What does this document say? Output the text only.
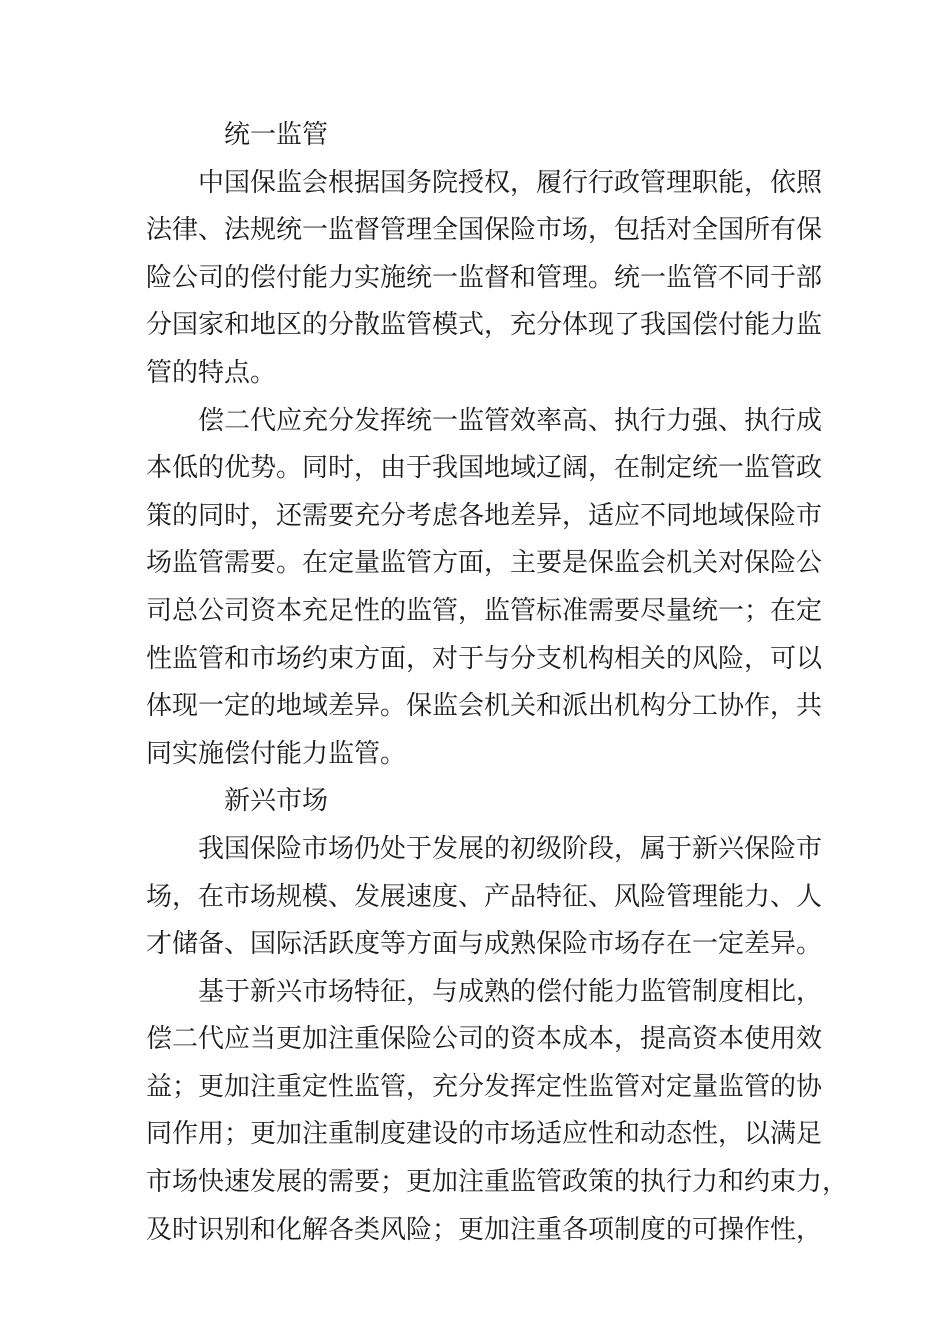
统一监管
中国保监会根据国务院授权，履行行政管理职能，依照
法律、法规统一监督管理全国保险市场，包括对全国所有保
险公司的偿付能力实施统一监督和管理。统一监管不同于部
分国家和地区的分散监管模式，充分体现了我国偿付能力监
管的特点。
偿二代应充分发挥统一监管效率高、执行力强、执行成
本低的优势。同时，由于我国地域辽阔，在制定统一监管政
策的同时，还需要充分考虑各地差异，适应不同地域保险市
场监管需要。在定量监管方面，主要是保监会机关对保险公
司总公司资本充足性的监管，监管标准需要尽量统一；在定
性监管和市场约束方面，对于与分支机构相关的风险，可以
体现一定的地域差异。保监会机关和派出机构分工协作，共
同实施偿付能力监管。
新兴市场
我国保险市场仍处于发展的初级阶段，属于新兴保险市
场，在市场规模、发展速度、产品特征、风险管理能力、人
才储备、国际活跃度等方面与成熟保险市场存在一定差异。
基于新兴市场特征，与成熟的偿付能力监管制度相比，
偿二代应当更加注重保险公司的资本成本，提高资本使用效
益；更加注重定性监管，充分发挥定性监管对定量监管的协
同作用；更加注重制度建设的市场适应性和动态性，以满足
市场快速发展的需要；更加注重监管政策的执行力和约束力，
及时识别和化解各类风险；更加注重各项制度的可操作性，
